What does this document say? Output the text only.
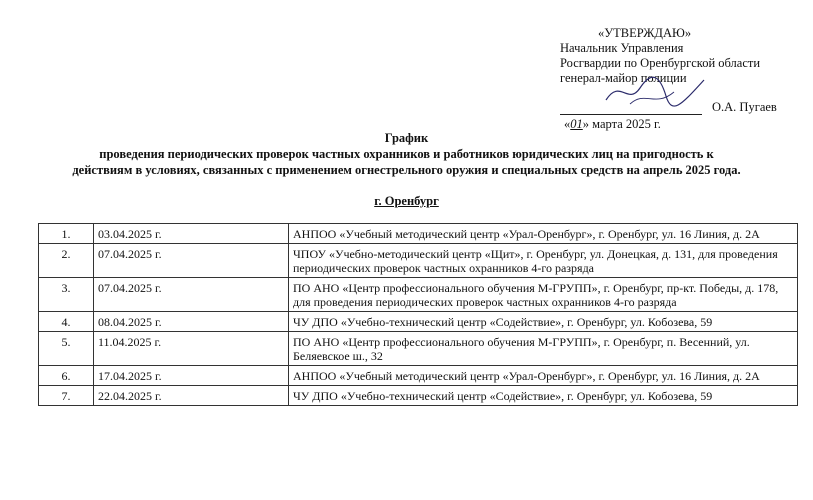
«УТВЕРЖДАЮ»
Начальник Управления
Росгвардии по Оренбургской области
генерал-майор полиции
О.А. Пугаев
«01» марта 2025 г.
График
проведения периодических проверок частных охранников и работников юридических лиц на пригодность к
действиям в условиях, связанных с применением огнестрельного оружия и специальных средств на апрель 2025 года.
г. Оренбург
1.	03.04.2025 г.	АНПОО «Учебный методический центр «Урал-Оренбург», г. Оренбург, ул. 16 Линия, д. 2А
2.	07.04.2025 г.	ЧПОУ «Учебно-методический центр «Щит», г. Оренбург, ул. Донецкая, д. 131, для проведения периодических проверок частных охранников 4-го разряда
3.	07.04.2025 г.	ПО АНО «Центр профессионального обучения М-ГРУПП», г. Оренбург, пр-кт. Победы, д. 178, для проведения периодических проверок частных охранников 4-го разряда
4.	08.04.2025 г.	ЧУ ДПО «Учебно-технический центр «Содействие», г. Оренбург, ул. Кобозева, 59
5.	11.04.2025 г.	ПО АНО «Центр профессионального обучения М-ГРУПП», г. Оренбург, п. Весенний, ул. Беляевское ш., 32
6.	17.04.2025 г.	АНПОО «Учебный методический центр «Урал-Оренбург», г. Оренбург, ул. 16 Линия, д. 2А
7.	22.04.2025 г.	ЧУ ДПО «Учебно-технический центр «Содействие», г. Оренбург, ул. Кобозева, 59
